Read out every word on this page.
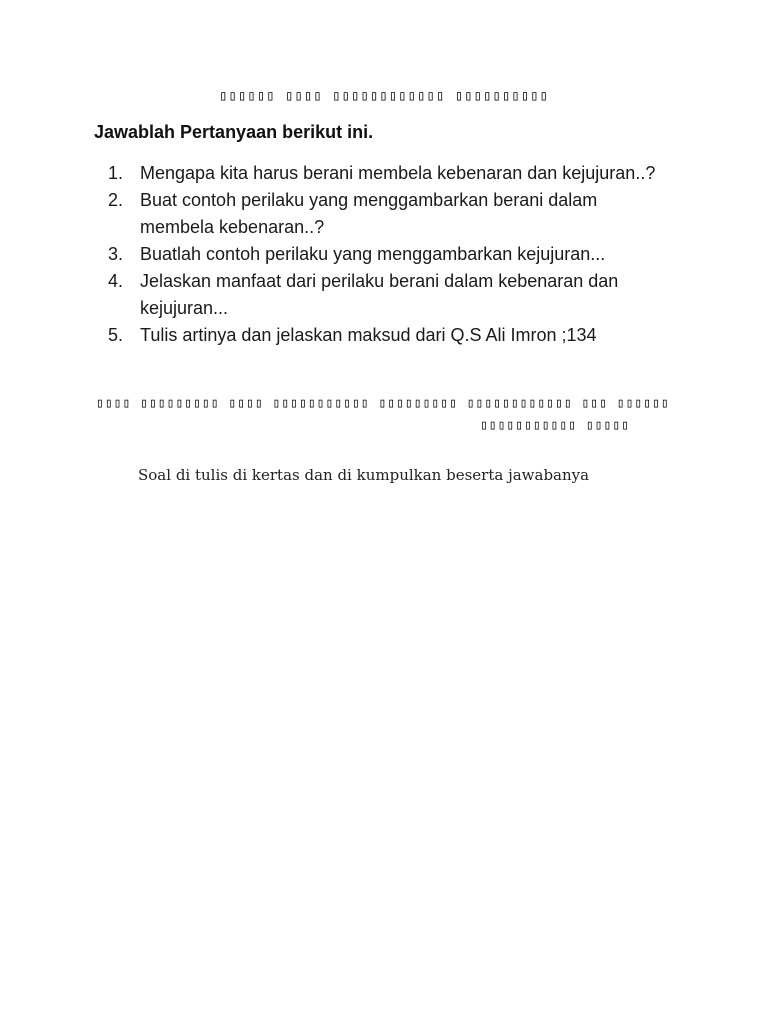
▯▯▯▯▯▯ ▯▯▯▯ ▯▯▯▯▯▯▯▯▯▯▯▯ ▯▯▯▯▯▯▯▯▯▯
Jawablah Pertanyaan berikut ini.
1. Mengapa kita harus berani membela kebenaran dan kejujuran..?
2. Buat contoh perilaku yang menggambarkan berani dalam membela kebenaran..?
3. Buatlah contoh perilaku yang menggambarkan kejujuran...
4. Jelaskan manfaat dari perilaku berani dalam kebenaran dan kejujuran...
5. Tulis artinya dan jelaskan maksud dari Q.S Ali Imron ;134
▯▯▯▯ ▯▯▯▯▯▯▯▯▯ ▯▯▯▯ ▯▯▯▯▯▯▯▯▯▯▯ ▯▯▯▯▯▯▯▯▯ ▯▯▯▯▯▯▯▯▯▯▯▯ ▯▯▯ ▯▯▯▯▯▯
▯▯▯▯▯▯▯▯▯▯▯ ▯▯▯▯▯
Soal di tulis di kertas dan di kumpulkan beserta jawabanya
